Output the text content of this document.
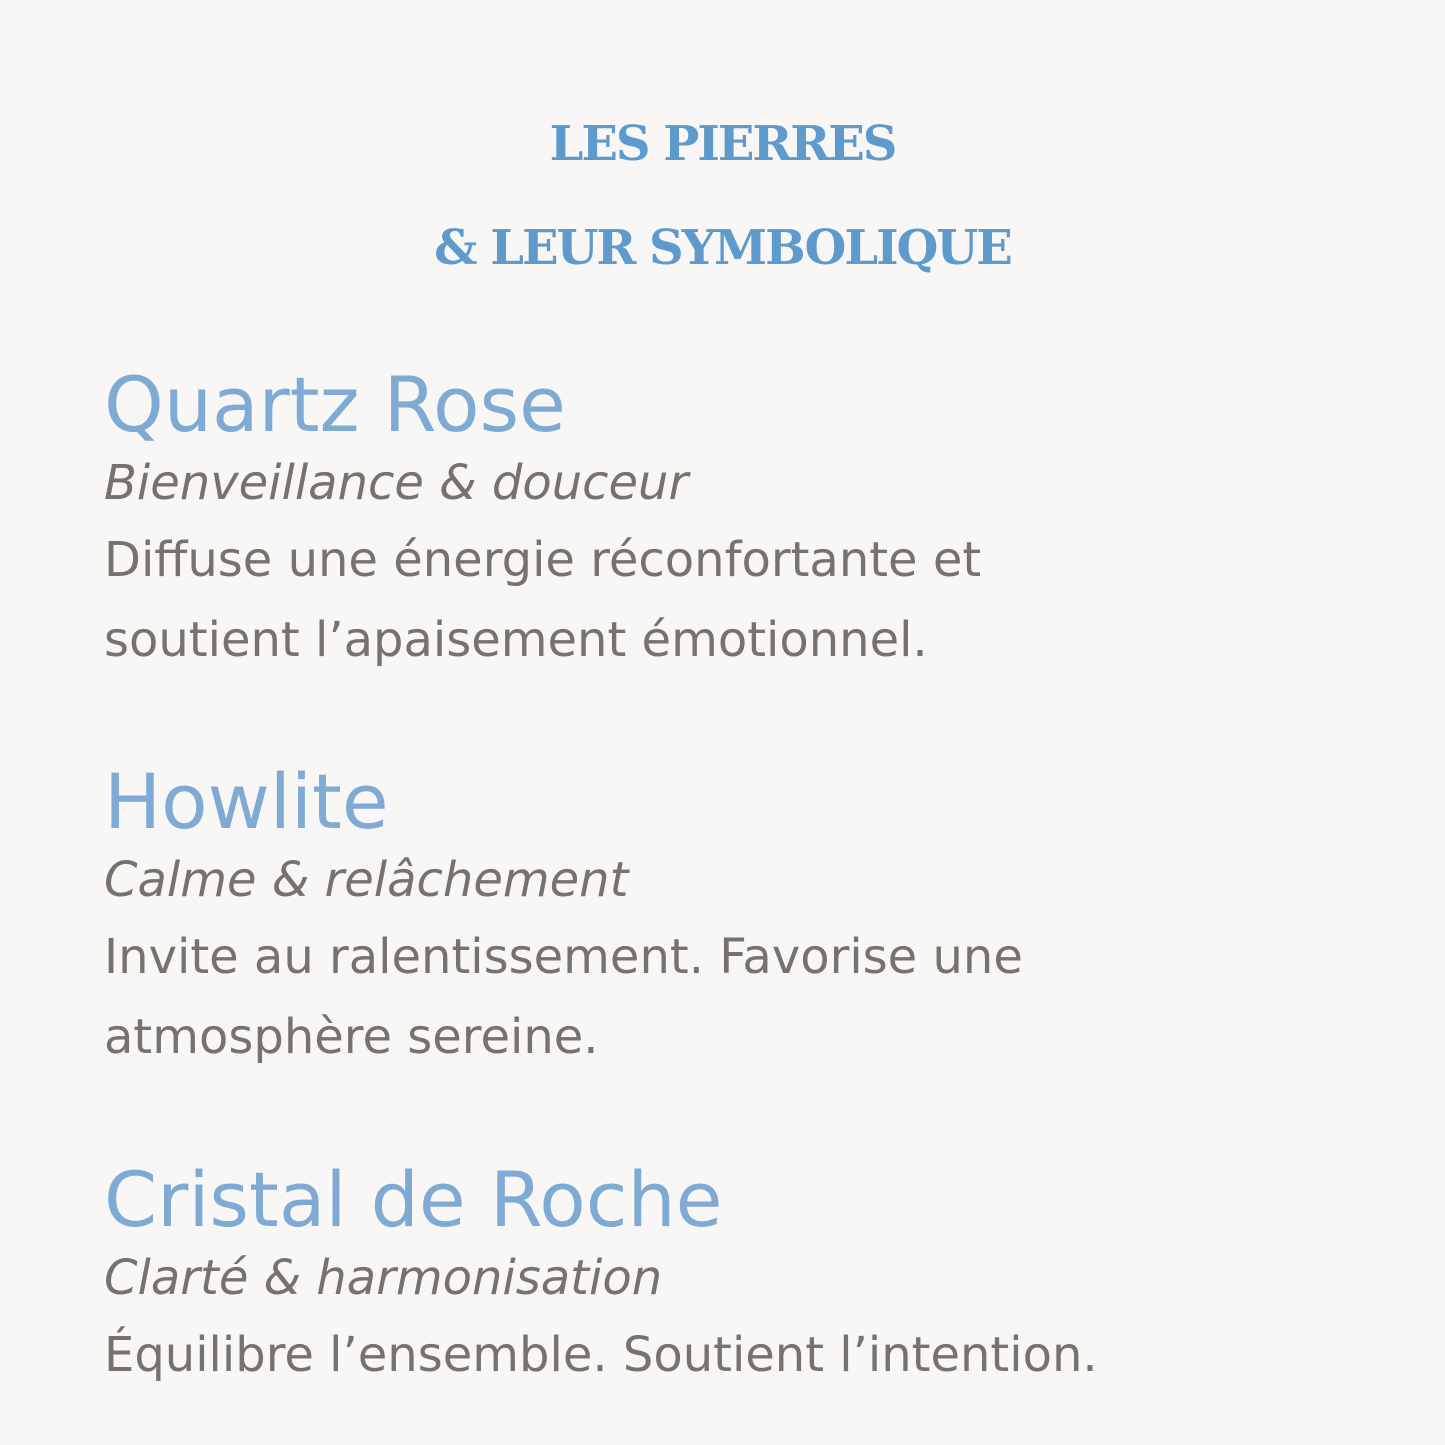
LES PIERRES
& LEUR SYMBOLIQUE
Quartz Rose

Bienveillance & douceur

Diffuse une énergie réconfortante et
soutient l’apaisement émotionnel.

Howlite

Calme & relâchement

Invite au ralentissement. Favorise une
atmosphère sereine.

Cristal de Roche

Clarté & harmonisation

Équilibre l’ensemble. Soutient l’intention.
